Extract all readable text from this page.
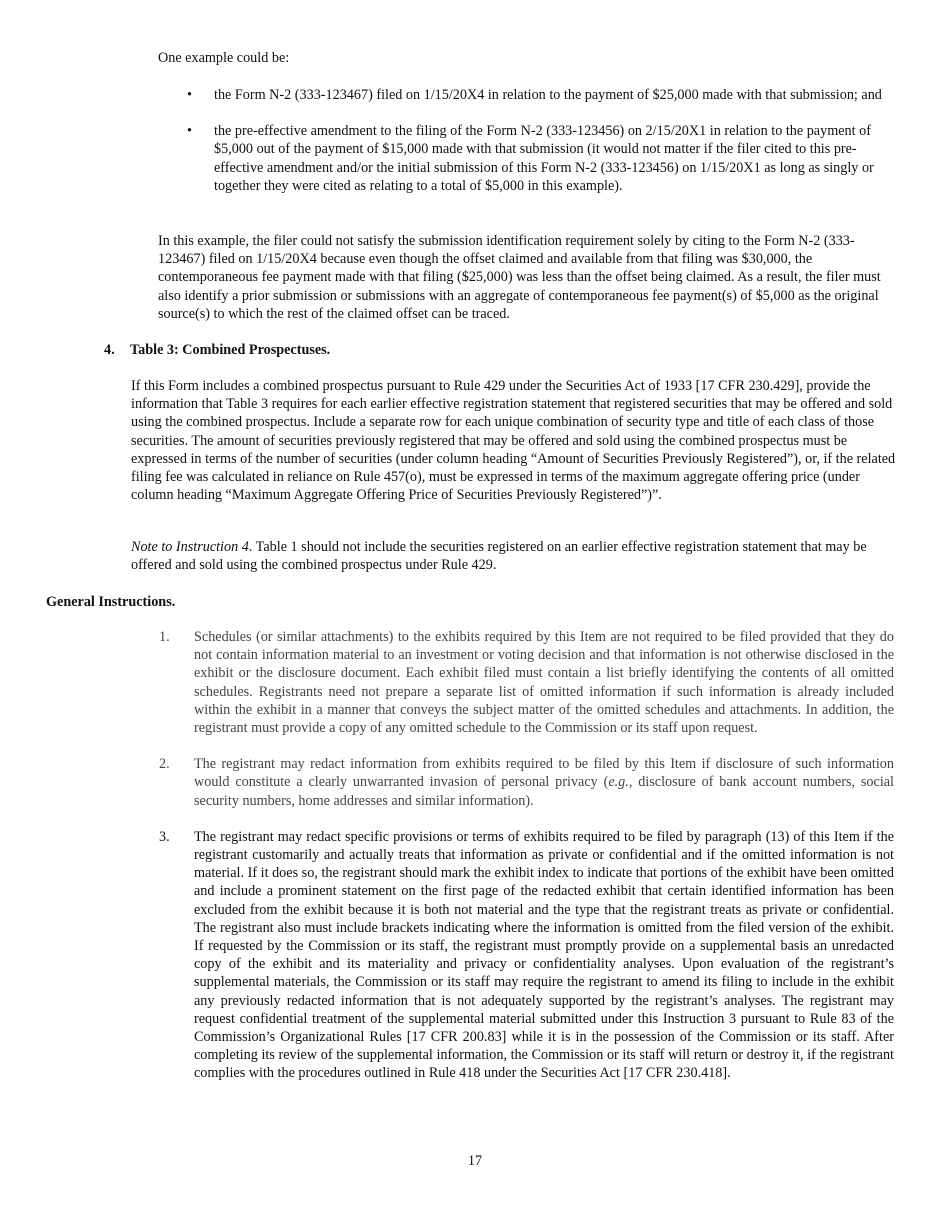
One example could be:

• the Form N-2 (333-123467) filed on 1/15/20X4 in relation to the payment of $25,000 made with that submission; and
• the pre-effective amendment to the filing of the Form N-2 (333-123456) on 2/15/20X1 in relation to the payment of $5,000 out of the payment of $15,000 made with that submission (it would not matter if the filer cited to this pre-effective amendment and/or the initial submission of this Form N-2 (333-123456) on 1/15/20X1 as long as singly or together they were cited as relating to a total of $5,000 in this example).

In this example, the filer could not satisfy the submission identification requirement solely by citing to the Form N-2 (333-123467) filed on 1/15/20X4 because even though the offset claimed and available from that filing was $30,000, the contemporaneous fee payment made with that filing ($25,000) was less than the offset being claimed. As a result, the filer must also identify a prior submission or submissions with an aggregate of contemporaneous fee payment(s) of $5,000 as the original source(s) to which the rest of the claimed offset can be traced.

4.	Table 3: Combined Prospectuses.

If this Form includes a combined prospectus pursuant to Rule 429 under the Securities Act of 1933 [17 CFR 230.429], provide the information that Table 3 requires for each earlier effective registration statement that registered securities that may be offered and sold using the combined prospectus. Include a separate row for each unique combination of security type and title of each class of those securities. The amount of securities previously registered that may be offered and sold using the combined prospectus must be expressed in terms of the number of securities (under column heading “Amount of Securities Previously Registered”), or, if the related filing fee was calculated in reliance on Rule 457(o), must be expressed in terms of the maximum aggregate offering price (under column heading “Maximum Aggregate Offering Price of Securities Previously Registered”)”.

Note to Instruction 4. Table 1 should not include the securities registered on an earlier effective registration statement that may be offered and sold using the combined prospectus under Rule 429.

General Instructions.
1. Schedules (or similar attachments) to the exhibits required by this Item are not required to be filed provided that they do not contain information material to an investment or voting decision and that information is not otherwise disclosed in the exhibit or the disclosure document. Each exhibit filed must contain a list briefly identifying the contents of all omitted schedules. Registrants need not prepare a separate list of omitted information if such information is already included within the exhibit in a manner that conveys the subject matter of the omitted schedules and attachments. In addition, the registrant must provide a copy of any omitted schedule to the Commission or its staff upon request.
2. The registrant may redact information from exhibits required to be filed by this Item if disclosure of such information would constitute a clearly unwarranted invasion of personal privacy (e.g., disclosure of bank account numbers, social security numbers, home addresses and similar information).
3. The registrant may redact specific provisions or terms of exhibits required to be filed by paragraph (13) of this Item if the registrant customarily and actually treats that information as private or confidential and if the omitted information is not material. If it does so, the registrant should mark the exhibit index to indicate that portions of the exhibit have been omitted and include a prominent statement on the first page of the redacted exhibit that certain identified information has been excluded from the exhibit because it is both not material and the type that the registrant treats as private or confidential. The registrant also must include brackets indicating where the information is omitted from the filed version of the exhibit. If requested by the Commission or its staff, the registrant must promptly provide on a supplemental basis an unredacted copy of the exhibit and its materiality and privacy or confidentiality analyses. Upon evaluation of the registrant’s supplemental materials, the Commission or its staff may require the registrant to amend its filing to include in the exhibit any previously redacted information that is not adequately supported by the registrant’s analyses. The registrant may request confidential treatment of the supplemental material submitted under this Instruction 3 pursuant to Rule 83 of the Commission’s Organizational Rules [17 CFR 200.83] while it is in the possession of the Commission or its staff. After completing its review of the supplemental information, the Commission or its staff will return or destroy it, if the registrant complies with the procedures outlined in Rule 418 under the Securities Act [17 CFR 230.418].
17
